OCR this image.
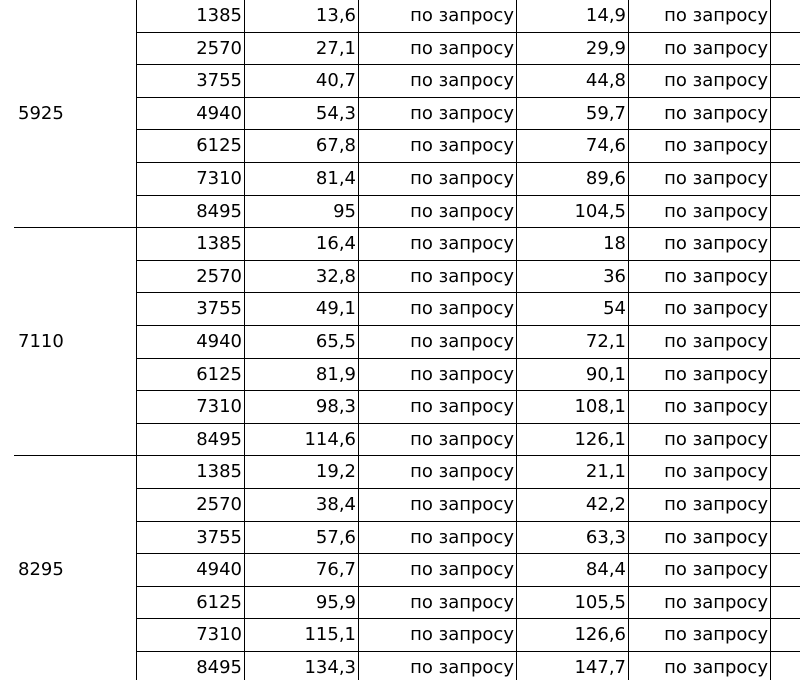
5925
1385	13,6	по запросу	14,9	по запросу
2570	27,1	по запросу	29,9	по запросу
3755	40,7	по запросу	44,8	по запросу
4940	54,3	по запросу	59,7	по запросу
6125	67,8	по запросу	74,6	по запросу
7310	81,4	по запросу	89,6	по запросу
8495	95	по запросу	104,5	по запросу
7110
1385	16,4	по запросу	18	по запросу
2570	32,8	по запросу	36	по запросу
3755	49,1	по запросу	54	по запросу
4940	65,5	по запросу	72,1	по запросу
6125	81,9	по запросу	90,1	по запросу
7310	98,3	по запросу	108,1	по запросу
8495	114,6	по запросу	126,1	по запросу
8295
1385	19,2	по запросу	21,1	по запросу
2570	38,4	по запросу	42,2	по запросу
3755	57,6	по запросу	63,3	по запросу
4940	76,7	по запросу	84,4	по запросу
6125	95,9	по запросу	105,5	по запросу
7310	115,1	по запросу	126,6	по запросу
8495	134,3	по запросу	147,7	по запросу
